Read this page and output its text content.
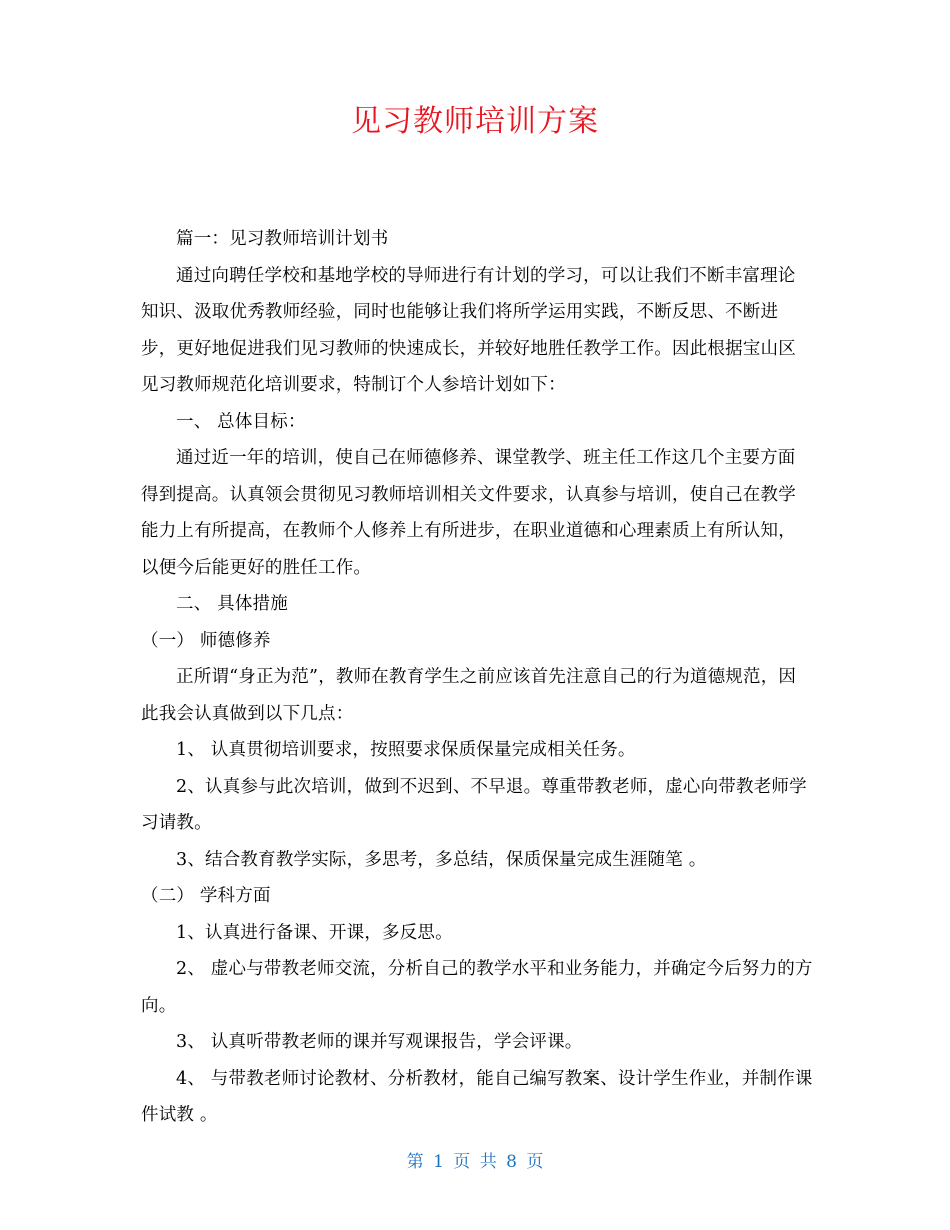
见习教师培训方案

篇一：见习教师培训计划书

通过向聘任学校和基地学校的导师进行有计划的学习，可以让我们不断丰富理论知识、汲取优秀教师经验，同时也能够让我们将所学运用实践，不断反思、不断进步，更好地促进我们见习教师的快速成长，并较好地胜任教学工作。因此根据宝山区见习教师规范化培训要求，特制订个人参培计划如下：

一、 总体目标：

通过近一年的培训，使自己在师德修养、课堂教学、班主任工作这几个主要方面得到提高。认真领会贯彻见习教师培训相关文件要求，认真参与培训，使自己在教学能力上有所提高，在教师个人修养上有所进步，在职业道德和心理素质上有所认知，以便今后能更好的胜任工作。

二、 具体措施

（一） 师德修养

正所谓“身正为范”，教师在教育学生之前应该首先注意自己的行为道德规范，因此我会认真做到以下几点：

1、 认真贯彻培训要求，按照要求保质保量完成相关任务。

2、认真参与此次培训，做到不迟到、不早退。尊重带教老师，虚心向带教老师学习请教。

3、结合教育教学实际，多思考，多总结，保质保量完成生涯随笔 。

（二） 学科方面

1、认真进行备课、开课，多反思。

2、 虚心与带教老师交流，分析自己的教学水平和业务能力，并确定今后努力的方向。

3、 认真听带教老师的课并写观课报告，学会评课。

4、 与带教老师讨论教材、分析教材，能自己编写教案、设计学生作业，并制作课件试教 。

第 1 页 共 8 页
